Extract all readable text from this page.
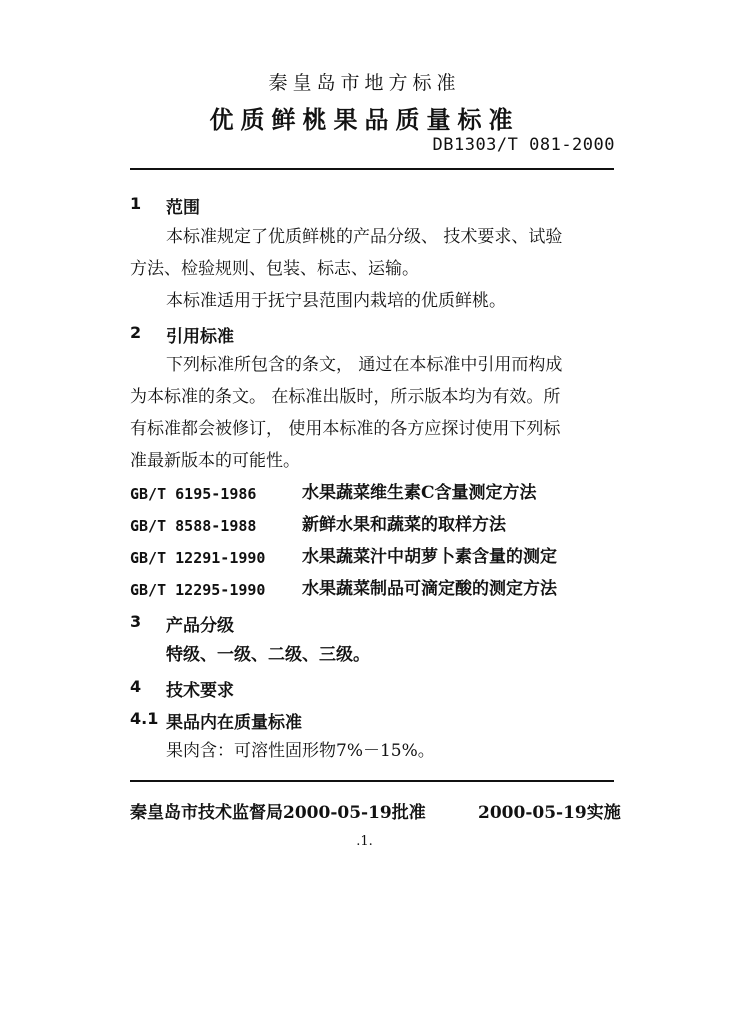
秦皇岛市地方标准
优质鲜桃果品质量标准
DB1303/T 081-2000
1 范围
本标准规定了优质鲜桃的产品分级、 技术要求、试验
方法、检验规则、包装、标志、运输。
本标准适用于抚宁县范围内栽培的优质鲜桃。
2 引用标准
下列标准所包含的条文， 通过在本标准中引用而构成
为本标准的条文。 在标准出版时，所示版本均为有效。所
有标准都会被修订， 使用本标准的各方应探讨使用下列标
准最新版本的可能性。
GB/T 6195-1986	水果蔬菜维生素C含量测定方法
GB/T 8588-1988	新鲜水果和蔬菜的取样方法
GB/T 12291-1990 水果蔬菜汁中胡萝卜素含量的测定
GB/T 12295-1990 水果蔬菜制品可滴定酸的测定方法
3 产品分级
特级、一级、二级、三级。
4 技术要求
4.1 果品内在质量标准
果肉含：可溶性固形物7%－15%。
秦皇岛市技术监督局2000-05-19批准	2000-05-19实施
.1.
